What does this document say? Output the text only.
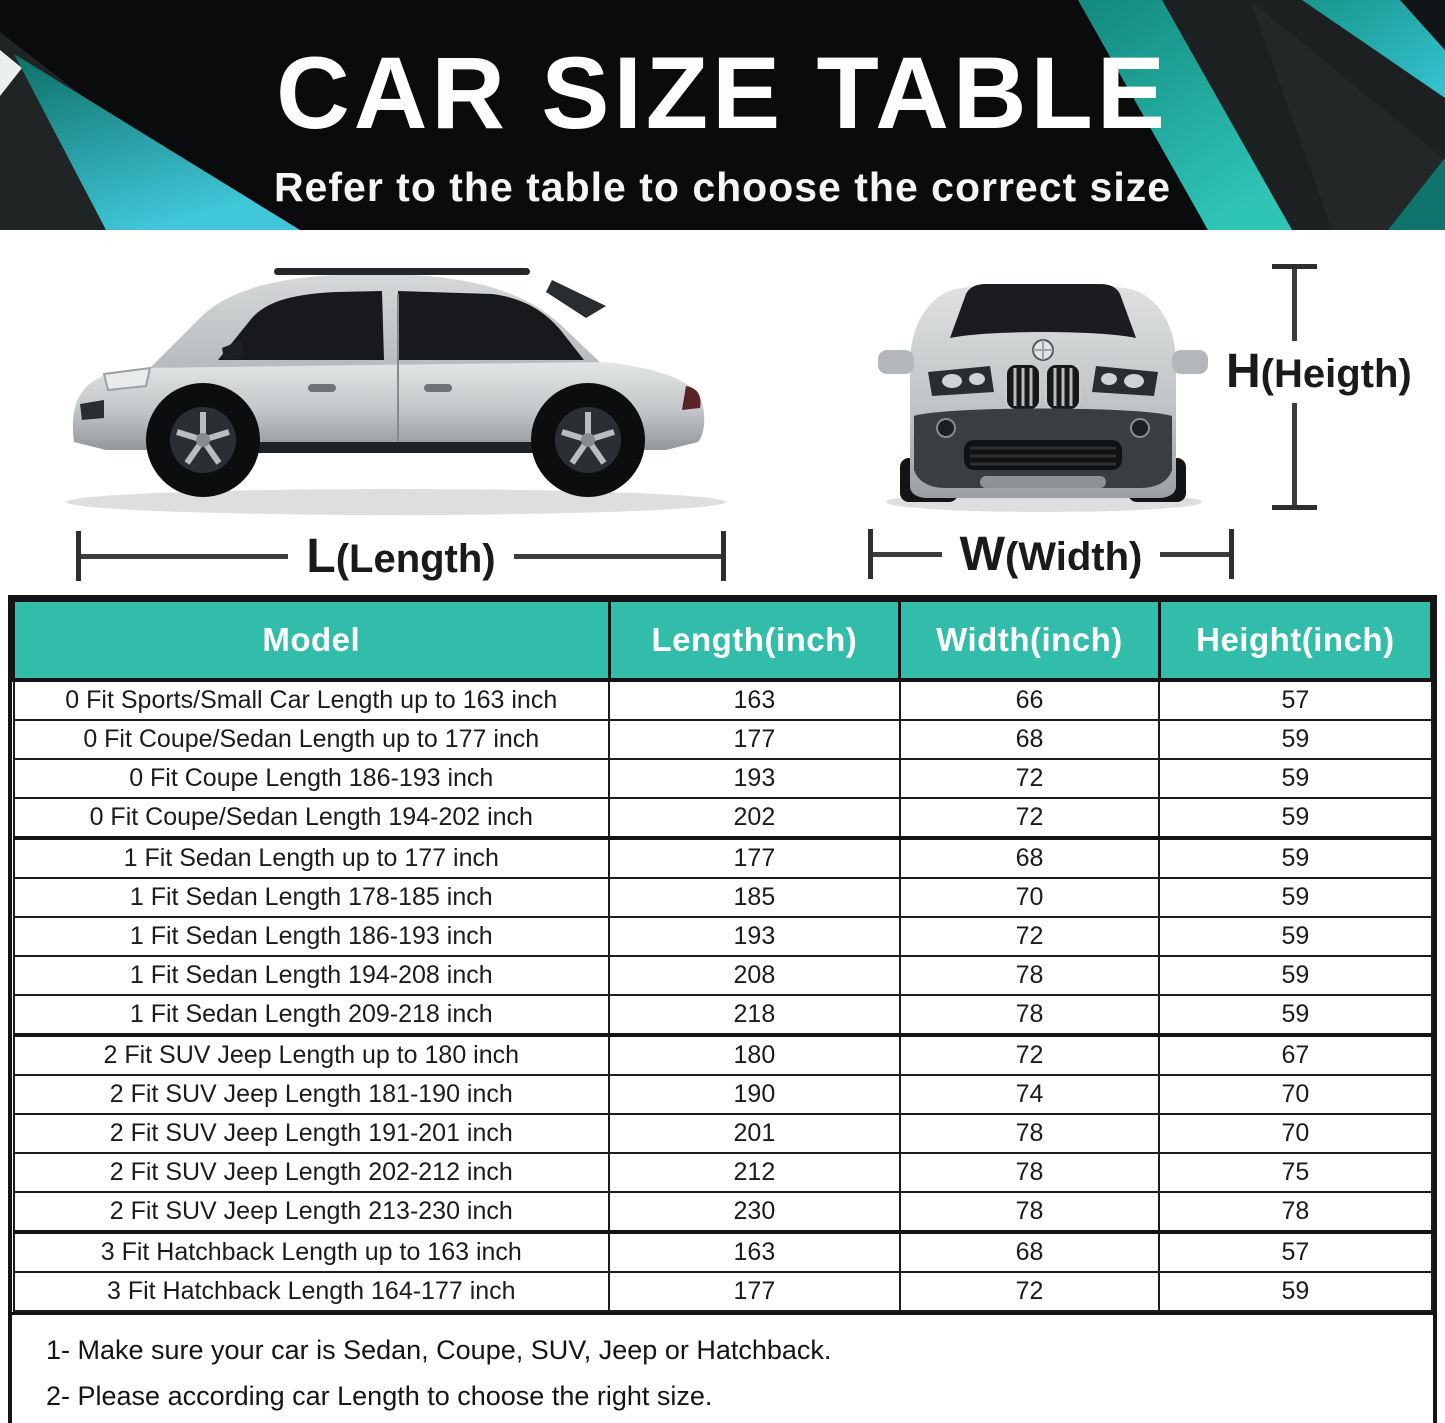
CAR SIZE TABLE
Refer to the table to choose the correct size
L(Length)	W(Width)
H(Heigth)
Model	Length(inch)	Width(inch)	Height(inch)
0 Fit Sports/Small Car Length up to 163 inch	163	66	57
0 Fit Coupe/Sedan Length up to 177 inch	177	68	59
0 Fit Coupe Length 186-193 inch	193	72	59
0 Fit Coupe/Sedan Length 194-202 inch	202	72	59
1 Fit Sedan Length up to 177 inch	177	68	59
1 Fit Sedan Length 178-185 inch	185	70	59
1 Fit Sedan Length 186-193 inch	193	72	59
1 Fit Sedan Length 194-208 inch	208	78	59
1 Fit Sedan Length 209-218 inch	218	78	59
2 Fit SUV Jeep Length up to 180 inch	180	72	67
2 Fit SUV Jeep Length 181-190 inch	190	74	70
2 Fit SUV Jeep Length 191-201 inch	201	78	70
2 Fit SUV Jeep Length 202-212 inch	212	78	75
2 Fit SUV Jeep Length 213-230 inch	230	78	78
3 Fit Hatchback Length up to 163 inch	163	68	57
3 Fit Hatchback Length 164-177 inch	177	72	59
1- Make sure your car is Sedan, Coupe, SUV, Jeep or Hatchback.
2- Please according car Length to choose the right size.
